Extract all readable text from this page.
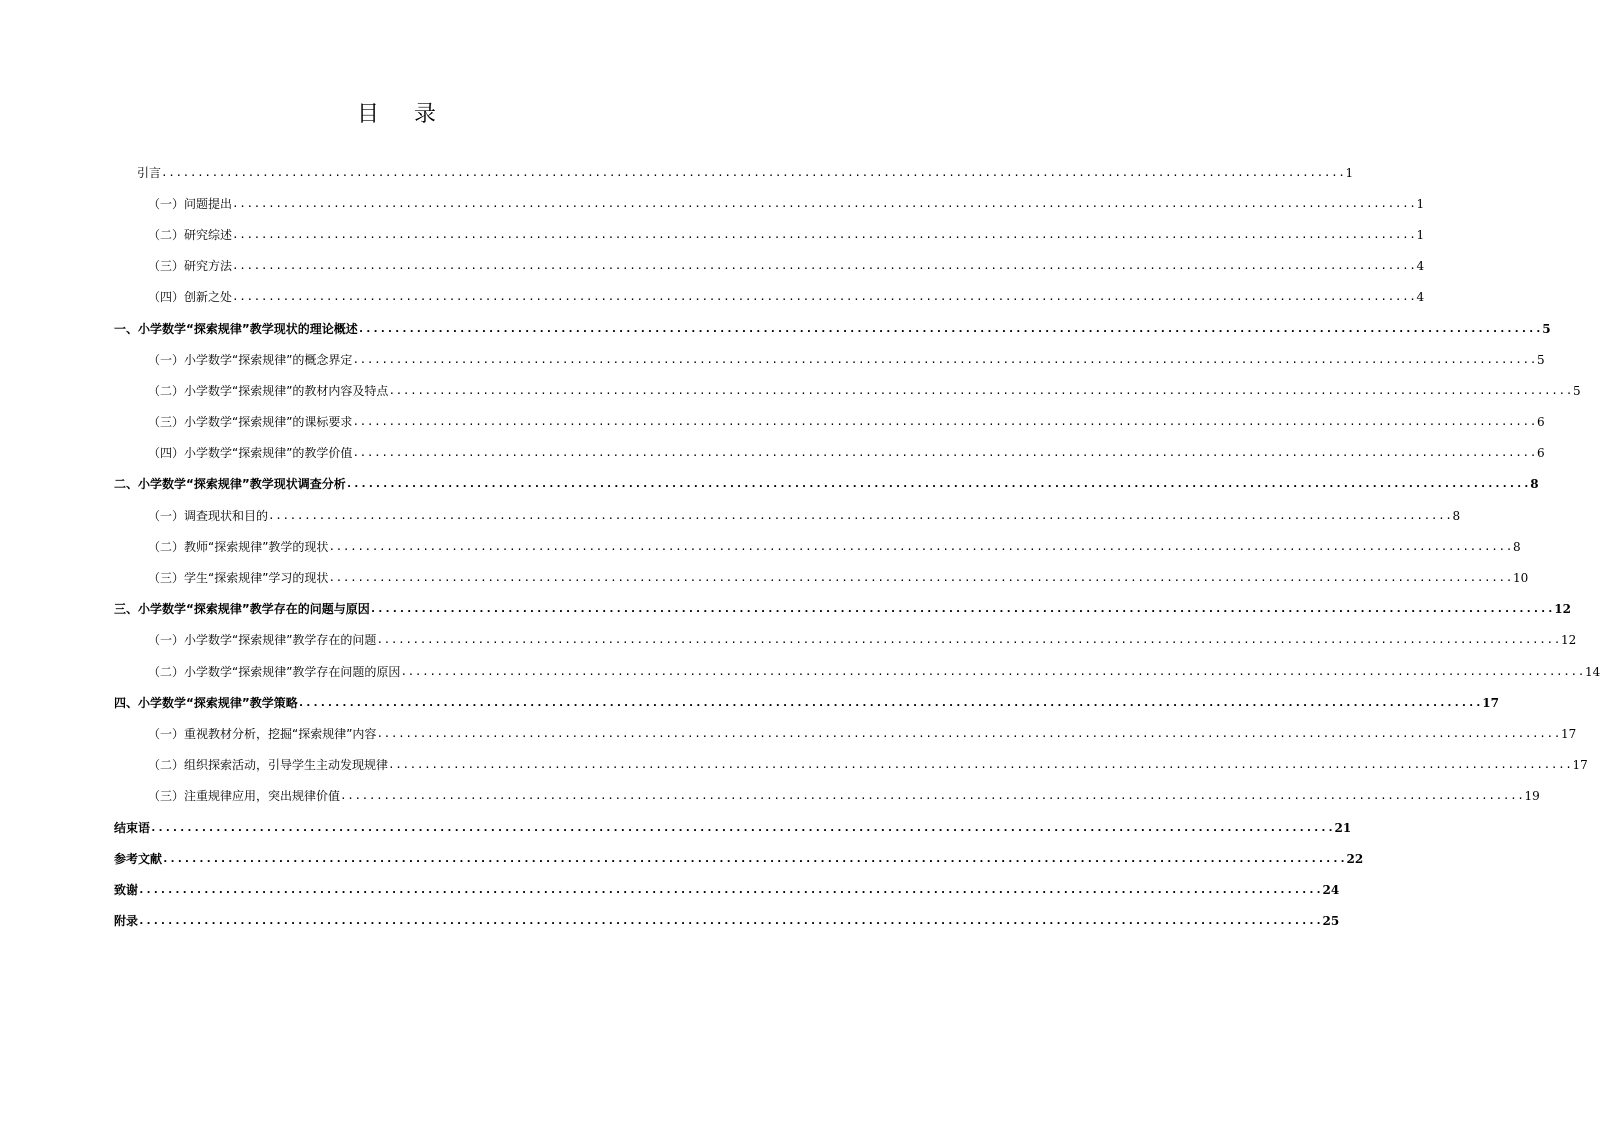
目 录
引言 .................................................................................................................................................................... 1
（一）问题提出 .................................................................................................................................................................... 1
（二）研究综述 .................................................................................................................................................................... 1
（三）研究方法 .................................................................................................................................................................... 4
（四）创新之处 .................................................................................................................................................................... 4
一、小学数学“探索规律”教学现状的理论概述 .................................................................................................................................................................... 5
（一）小学数学“探索规律”的概念界定 .................................................................................................................................................................... 5
（二）小学数学“探索规律”的教材内容及特点 .................................................................................................................................................................... 5
（三）小学数学“探索规律”的课标要求 .................................................................................................................................................................... 6
（四）小学数学“探索规律”的教学价值 .................................................................................................................................................................... 6
二、小学数学“探索规律”教学现状调查分析 .................................................................................................................................................................... 8
（一）调查现状和目的 .................................................................................................................................................................... 8
（二）教师“探索规律”教学的现状 .................................................................................................................................................................... 8
（三）学生“探索规律”学习的现状 .................................................................................................................................................................... 10
三、小学数学“探索规律”教学存在的问题与原因 .................................................................................................................................................................... 12
（一）小学数学“探索规律”教学存在的问题 .................................................................................................................................................................... 12
（二）小学数学“探索规律”教学存在问题的原因 .................................................................................................................................................................... 14
四、小学数学“探索规律”教学策略 .................................................................................................................................................................... 17
（一）重视教材分析，挖掘“探索规律”内容 .................................................................................................................................................................... 17
（二）组织探索活动，引导学生主动发现规律 .................................................................................................................................................................... 17
（三）注重规律应用，突出规律价值 .................................................................................................................................................................... 19
结束语 .................................................................................................................................................................... 21
参考文献 .................................................................................................................................................................... 22
致谢 .................................................................................................................................................................... 24
附录 .................................................................................................................................................................... 25
